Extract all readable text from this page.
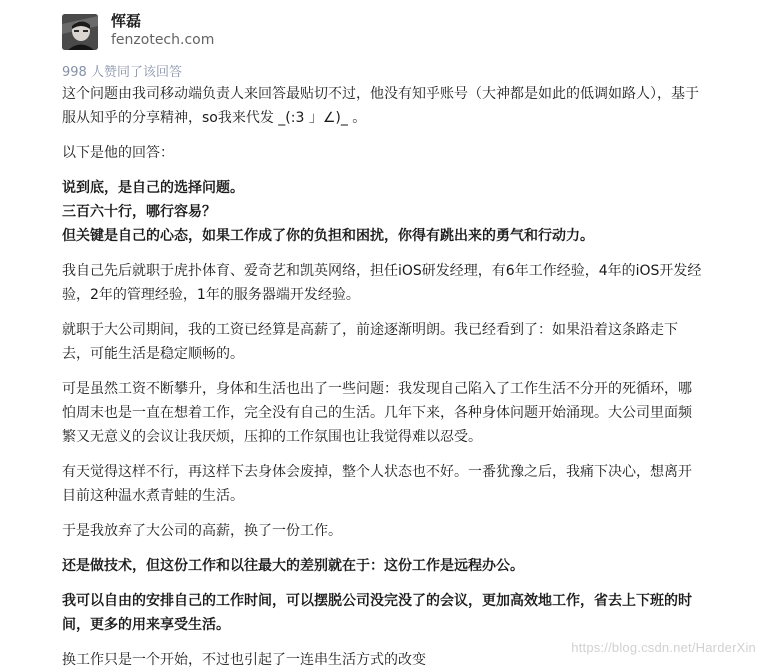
恽磊
fenzotech.com
998 人赞同了该回答

这个问题由我司移动端负责人来回答最贴切不过，他没有知乎账号（大神都是如此的低调如路人），基于服从知乎的分享精神，so我来代发 _(:3 」∠)_ 。

以下是他的回答：

说到底，是自己的选择问题。

三百六十行，哪行容易？

但关键是自己的心态，如果工作成了你的负担和困扰，你得有跳出来的勇气和行动力。

我自己先后就职于虎扑体育、爱奇艺和凯英网络，担任iOS研发经理，有6年工作经验，4年的iOS开发经验，2年的管理经验，1年的服务器端开发经验。

就职于大公司期间，我的工资已经算是高薪了，前途逐渐明朗。我已经看到了：如果沿着这条路走下去，可能生活是稳定顺畅的。

可是虽然工资不断攀升，身体和生活也出了一些问题：我发现自己陷入了工作生活不分开的死循环，哪怕周末也是一直在想着工作，完全没有自己的生活。几年下来，各种身体问题开始涌现。大公司里面频繁又无意义的会议让我厌烦，压抑的工作氛围也让我觉得难以忍受。

有天觉得这样不行，再这样下去身体会废掉，整个人状态也不好。一番犹豫之后，我痛下决心，想离开目前这种温水煮青蛙的生活。

于是我放弃了大公司的高薪，换了一份工作。

还是做技术，但这份工作和以往最大的差别就在于：这份工作是远程办公。

我可以自由的安排自己的工作时间，可以摆脱公司没完没了的会议，更加高效地工作，省去上下班的时间，更多的用来享受生活。

换工作只是一个开始，不过也引起了一连串生活方式的改变

https://blog.csdn.net/HarderXin
